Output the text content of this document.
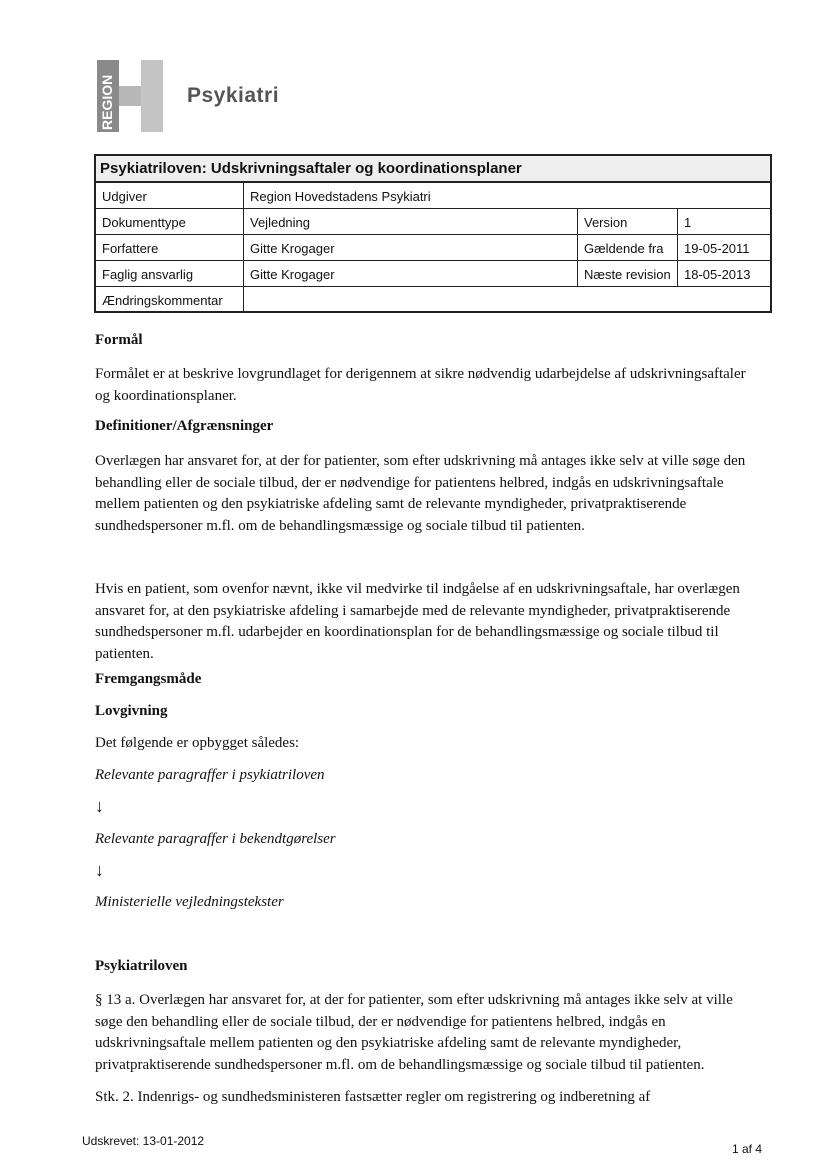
REGION	Psykiatri
Psykiatriloven: Udskrivningsaftaler og koordinationsplaner
Udgiver	Region Hovedstadens Psykiatri
Dokumenttype	Vejledning	Version	1
Forfattere	Gitte Krogager	Gældende fra	19-05-2011
Faglig ansvarlig	Gitte Krogager	Næste revision	18-05-2013
Ændringskommentar
Formål
Formålet er at beskrive lovgrundlaget for derigennem at sikre nødvendig udarbejdelse af udskrivningsaftaler og koordinationsplaner.
Definitioner/Afgrænsninger
Overlægen har ansvaret for, at der for patienter, som efter udskrivning må antages ikke selv at ville søge den behandling eller de sociale tilbud, der er nødvendige for patientens helbred, indgås en udskrivningsaftale mellem patienten og den psykiatriske afdeling samt de relevante myndigheder, privatpraktiserende sundhedspersoner m.fl. om de behandlingsmæssige og sociale tilbud til patienten.
Hvis en patient, som ovenfor nævnt, ikke vil medvirke til indgåelse af en udskrivningsaftale, har overlægen ansvaret for, at den psykiatriske afdeling i samarbejde med de relevante myndigheder, privatpraktiserende sundhedspersoner m.fl. udarbejder en koordinationsplan for de behandlingsmæssige og sociale tilbud til patienten.
Fremgangsmåde
Lovgivning
Det følgende er opbygget således:
Relevante paragraffer i psykiatriloven
↓
Relevante paragraffer i bekendtgørelser
↓
Ministerielle vejledningstekster
Psykiatriloven
§ 13 a. Overlægen har ansvaret for, at der for patienter, som efter udskrivning må antages ikke selv at ville søge den behandling eller de sociale tilbud, der er nødvendige for patientens helbred, indgås en udskrivningsaftale mellem patienten og den psykiatriske afdeling samt de relevante myndigheder, privatpraktiserende sundhedspersoner m.fl. om de behandlingsmæssige og sociale tilbud til patienten.
Stk. 2. Indenrigs- og sundhedsministeren fastsætter regler om registrering og indberetning af
Udskrevet: 13-01-2012
1 af 4
